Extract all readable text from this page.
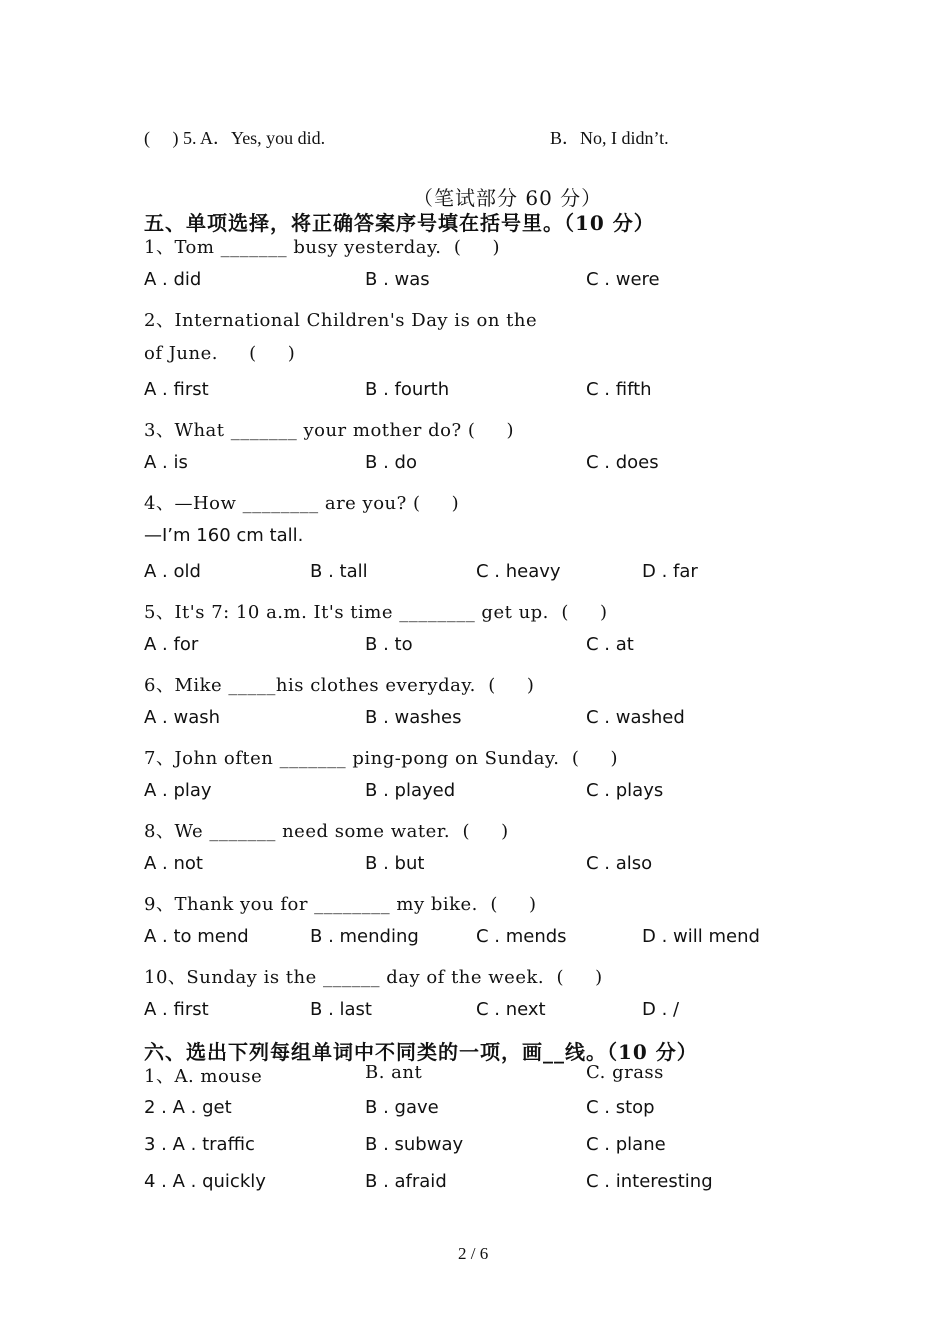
(     ) 5. A．Yes, you did.	B．No, I didn’t.
（笔试部分 60 分）
五、单项选择，将正确答案序号填在括号里。（10 分）
1、Tom _______ busy yesterday.  (     )
A . did	B . was	C . were
2、International Children's Day is on the
of June.     (     )
A . first	B . fourth	C . fifth
3、What _______ your mother do? (     )
A . is	B . do	C . does
4、—How ________ are you? (     )
—I’m 160 cm tall.
A . old	B . tall	C . heavy	D . far
5、It's 7: 10 a.m. It's time ________ get up.  (     )
A . for	B . to	C . at
6、Mike _____his clothes everyday.  (     )
A . wash	B . washes	C . washed
7、John often _______ ping-pong on Sunday.  (     )
A . play	B . played	C . plays
8、We _______ need some water.  (     )
A . not	B . but	C . also
9、Thank you for ________ my bike.  (     )
A . to mend	B . mending	C . mends	D . will mend
10、Sunday is the ______ day of the week.  (     )
A . first	B . last	C . next	D . /
六、选出下列每组单词中不同类的一项，画__线。（10 分）
1、A. mouse	B. ant	C. grass
2 . A . get	B . gave	C . stop
3 . A . traffic	B . subway	C . plane
4 . A . quickly	B . afraid	C . interesting
2 / 6
